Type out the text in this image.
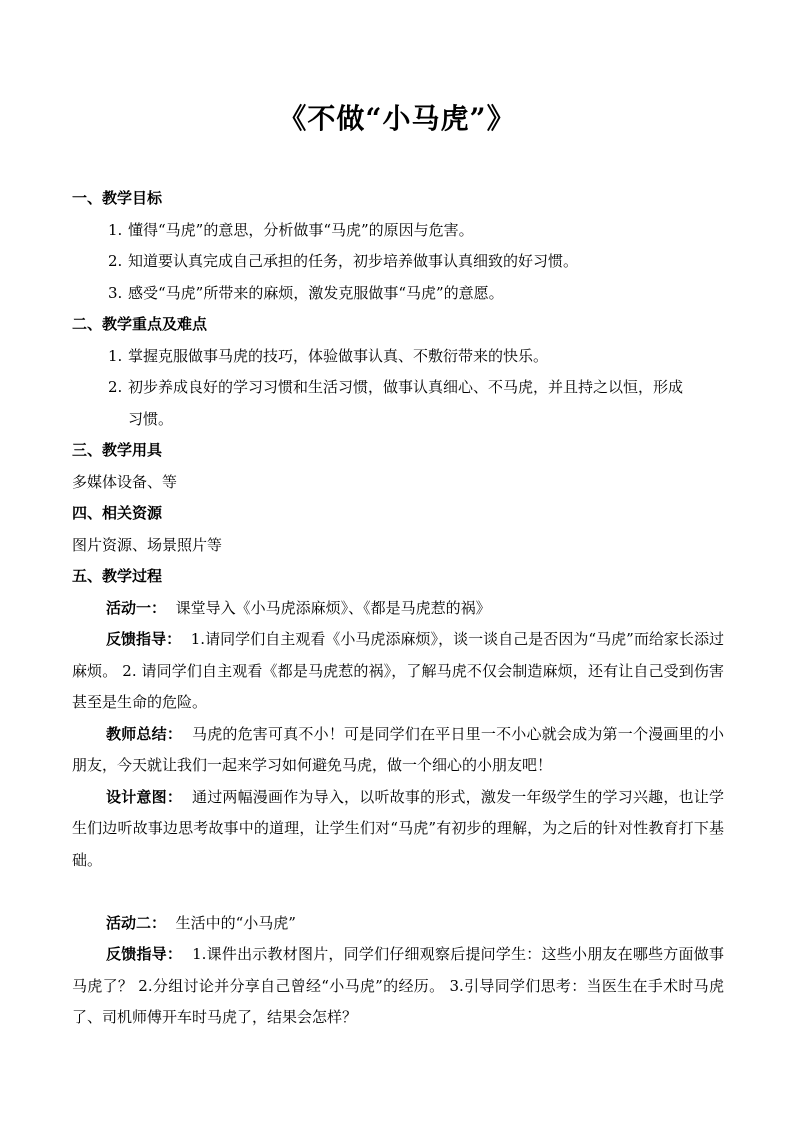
《不做“小马虎”》
一、教学目标
1. 懂得“马虎”的意思，分析做事“马虎”的原因与危害。
2. 知道要认真完成自己承担的任务，初步培养做事认真细致的好习惯。
3. 感受“马虎”所带来的麻烦，激发克服做事“马虎”的意愿。
二、教学重点及难点
1. 掌握克服做事马虎的技巧，体验做事认真、不敷衍带来的快乐。
2. 初步养成良好的学习习惯和生活习惯，做事认真细心、不马虎，并且持之以恒，形成
习惯。
三、教学用具
多媒体设备、等
四、相关资源
图片资源、场景照片等
五、教学过程
活动一： 课堂导入《小马虎添麻烦》、《都是马虎惹的祸》
反馈指导： 1.请同学们自主观看《小马虎添麻烦》，谈一谈自己是否因为“马虎”而给家长添过麻烦。 2. 请同学们自主观看《都是马虎惹的祸》，了解马虎不仅会制造麻烦，还有让自己受到伤害甚至是生命的危险。
教师总结： 马虎的危害可真不小！可是同学们在平日里一不小心就会成为第一个漫画里的小朋友，今天就让我们一起来学习如何避免马虎，做一个细心的小朋友吧！
设计意图： 通过两幅漫画作为导入，以听故事的形式，激发一年级学生的学习兴趣，也让学生们边听故事边思考故事中的道理，让学生们对“马虎”有初步的理解，为之后的针对性教育打下基础。
活动二： 生活中的“小马虎”
反馈指导： 1.课件出示教材图片，同学们仔细观察后提问学生：这些小朋友在哪些方面做事马虎了？ 2.分组讨论并分享自己曾经“小马虎”的经历。 3.引导同学们思考：当医生在手术时马虎了、司机师傅开车时马虎了，结果会怎样？
